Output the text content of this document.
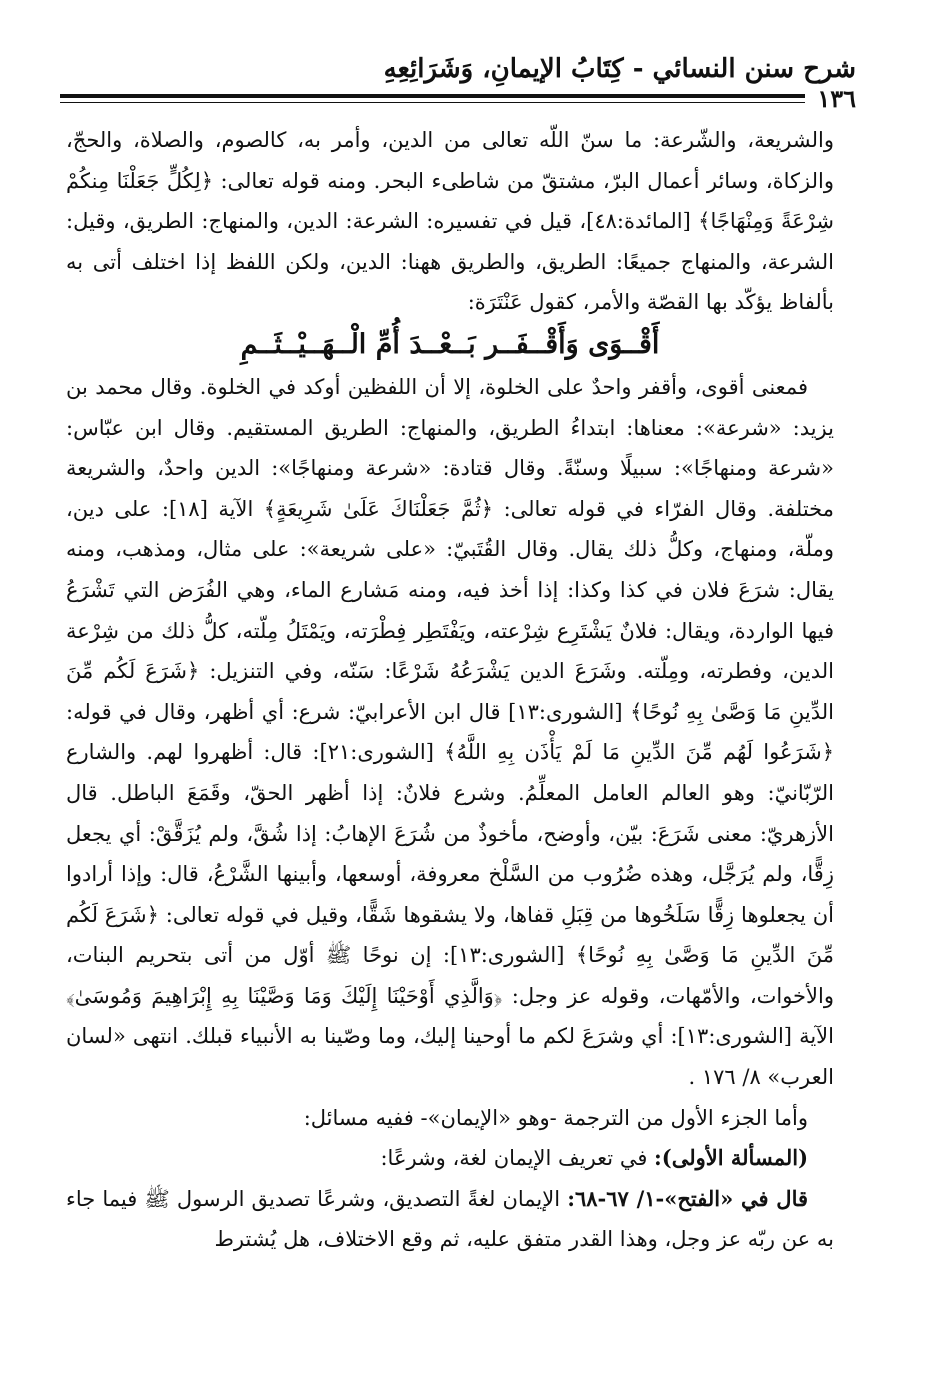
شرح سنن النسائي - كِتَابُ الإيمانِ، وَشَرَائِعِهِ
١٣٦

والشريعة، والشّرعة: ما سنّ اللّه تعالى من الدين، وأمر به، كالصوم، والصلاة، والحجّ، والزكاة، وسائر أعمال البرّ، مشتقّ من شاطىء البحر. ومنه قوله تعالى: ﴿لِكُلٍّ جَعَلْنَا مِنكُمْ شِرْعَةً وَمِنْهَاجًا﴾ [المائدة:٤٨]، قيل في تفسيره: الشرعة: الدين، والمنهاج: الطريق، وقيل: الشرعة، والمنهاج جميعًا: الطريق، والطريق ههنا: الدين، ولكن اللفظ إذا اختلف أتى به بألفاظ يؤكّد بها القصّة والأمر، كقول عَنْتَرَة:

أَقْــوَى وَأَقْــفَــر بَــعْــدَ أُمِّ الْــهَــيْــثَــمِ

فمعنى أقوى، وأقفر واحدٌ على الخلوة، إلا أن اللفظين أوكد في الخلوة. وقال محمد بن يزيد: «شرعة»: معناها: ابتداءُ الطريق، والمنهاج: الطريق المستقيم. وقال ابن عبّاس: «شرعة ومنهاجًا»: سبيلًا وسنّةً. وقال قتادة: «شرعة ومنهاجًا»: الدين واحدٌ، والشريعة مختلفة. وقال الفرّاء في قوله تعالى: ﴿ثُمَّ جَعَلْنَاكَ عَلَىٰ شَرِيعَةٍ﴾ الآية [١٨]: على دين، وملّة، ومنهاج، وكلُّ ذلك يقال. وقال القُتَبيّ: «على شريعة»: على مثال، ومذهب، ومنه يقال: شرَعَ فلان في كذا وكذا: إذا أخذ فيه، ومنه مَشارع الماء، وهي الفُرَض التي تَشْرَعُ فيها الواردة، ويقال: فلانٌ يَشْتَرِع شِرْعته، ويَفْتَطِر فِطْرَته، ويَمْتَلُ مِلّته، كلُّ ذلك من شِرْعة الدين، وفطرته، ومِلّته. وشَرَعَ الدين يَشْرَعُهُ شَرْعًا: سَنّه، وفي التنزيل: ﴿شَرَعَ لَكُم مِّنَ الدِّينِ مَا وَصَّىٰ بِهِ نُوحًا﴾ [الشورى:١٣] قال ابن الأعرابيّ: شرع: أي أظهر، وقال في قوله: ﴿شَرَعُوا لَهُم مِّنَ الدِّينِ مَا لَمْ يَأْذَن بِهِ اللَّهُ﴾ [الشورى:٢١]: قال: أظهروا لهم. والشارع الرّبّانيّ: وهو العالم العامل المعلِّمُ. وشرع فلانٌ: إذا أظهر الحقّ، وقَمَعَ الباطل. قال الأزهريّ: معنى شَرَعَ: بيّن، وأوضح، مأخوذٌ من شُرَعَ الإهابُ: إذا شُقَّ، ولم يُزَقَّقْ: أي يجعل زِقًّا، ولم يُرَجَّل، وهذه ضُرُوب من السَّلْخ معروفة، أوسعها، وأبينها الشَّرْعُ، قال: وإذا أرادوا أن يجعلوها زِقًّا سَلَخُوها من قِبَلِ قفاها، ولا يشقوها شَقًّا، وقيل في قوله تعالى: ﴿شَرَعَ لَكُم مِّنَ الدِّينِ مَا وَصَّىٰ بِهِ نُوحًا﴾ [الشورى:١٣]: إن نوحًا ﷺ أوّل من أتى بتحريم البنات، والأخوات، والأمّهات، وقوله عز وجل: ﴿وَالَّذِي أَوْحَيْنَا إِلَيْكَ وَمَا وَصَّيْنَا بِهِ إِبْرَاهِيمَ وَمُوسَىٰ﴾ الآية [الشورى:١٣]: أي وشرَعَ لكم ما أوحينا إليك، وما وصّينا به الأنبياء قبلك. انتهى «لسان العرب» ٨/ ١٧٦ .

وأما الجزء الأول من الترجمة -وهو «الإيمان»- ففيه مسائل:

(المسألة الأولى): في تعريف الإيمان لغة، وشرعًا:

قال في «الفتح»-١/ ٦٧-٦٨: الإيمان لغةً التصديق، وشرعًا تصديق الرسول ﷺ فيما جاء به عن ربّه عز وجل، وهذا القدر متفق عليه، ثم وقع الاختلاف، هل يُشترط
